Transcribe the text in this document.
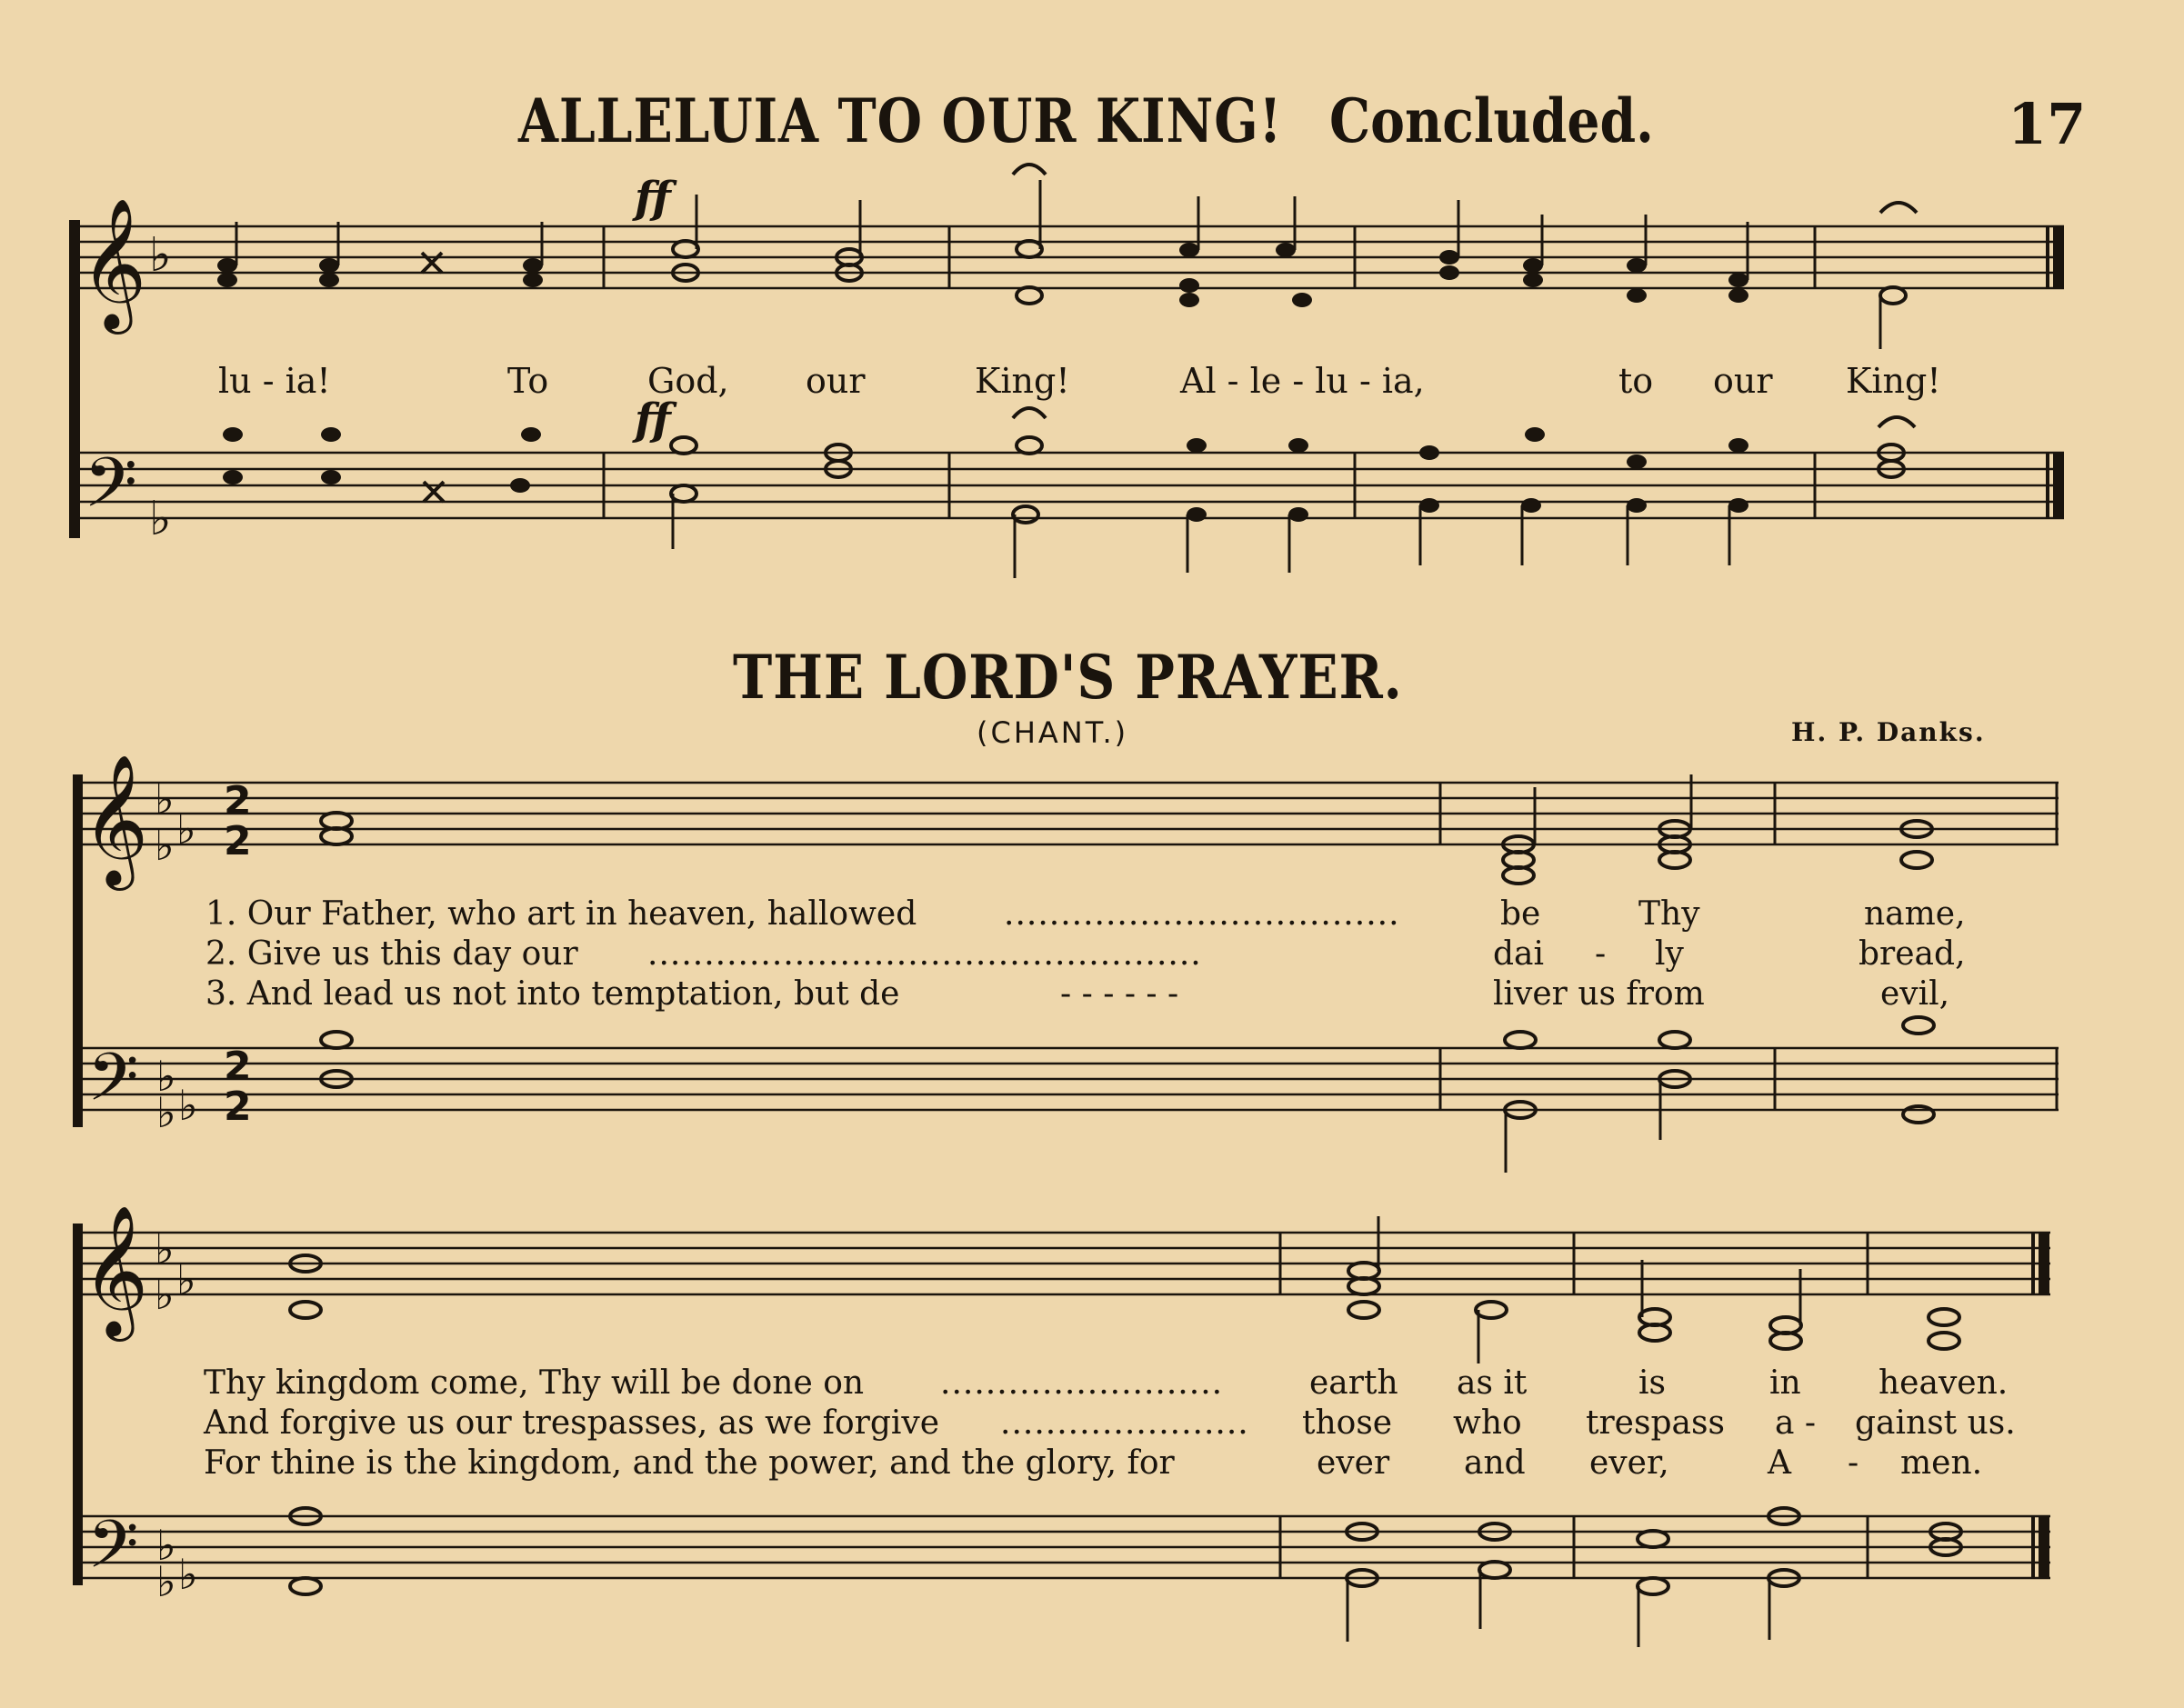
ALLELUIA TO OUR KING! Concluded.	17
𝄞 ♭
𝄢 ♭
𝄞 ♭
♭
♭
𝄢 ♭
♭ ♭
𝄞 ♭
♭
♭
𝄢 ♭
♭ ♭
2
2
2
2
ff
ff
lu - ia!	To	God, our	King!	Al - le - lu - ia,	to our King!
THE LORD'S PRAYER.
(CHANT.)	H. P. Danks.
1. Our Father, who art in heaven, hallowed	...................................	be	Thy	name,
2. Give us this day our .................................................	dai - ly	bread,
3. And lead us not into temptation, but de	- - - - - -	liver us from	evil,
Thy kingdom come, Thy will be done on .........................	earth as it	is	in heaven.
And forgive us our trespasses, as we forgive ...................... those who trespass a - gainst us.
For thine is the kingdom, and the power, and the glory, for	ever and ever,	A - men.
